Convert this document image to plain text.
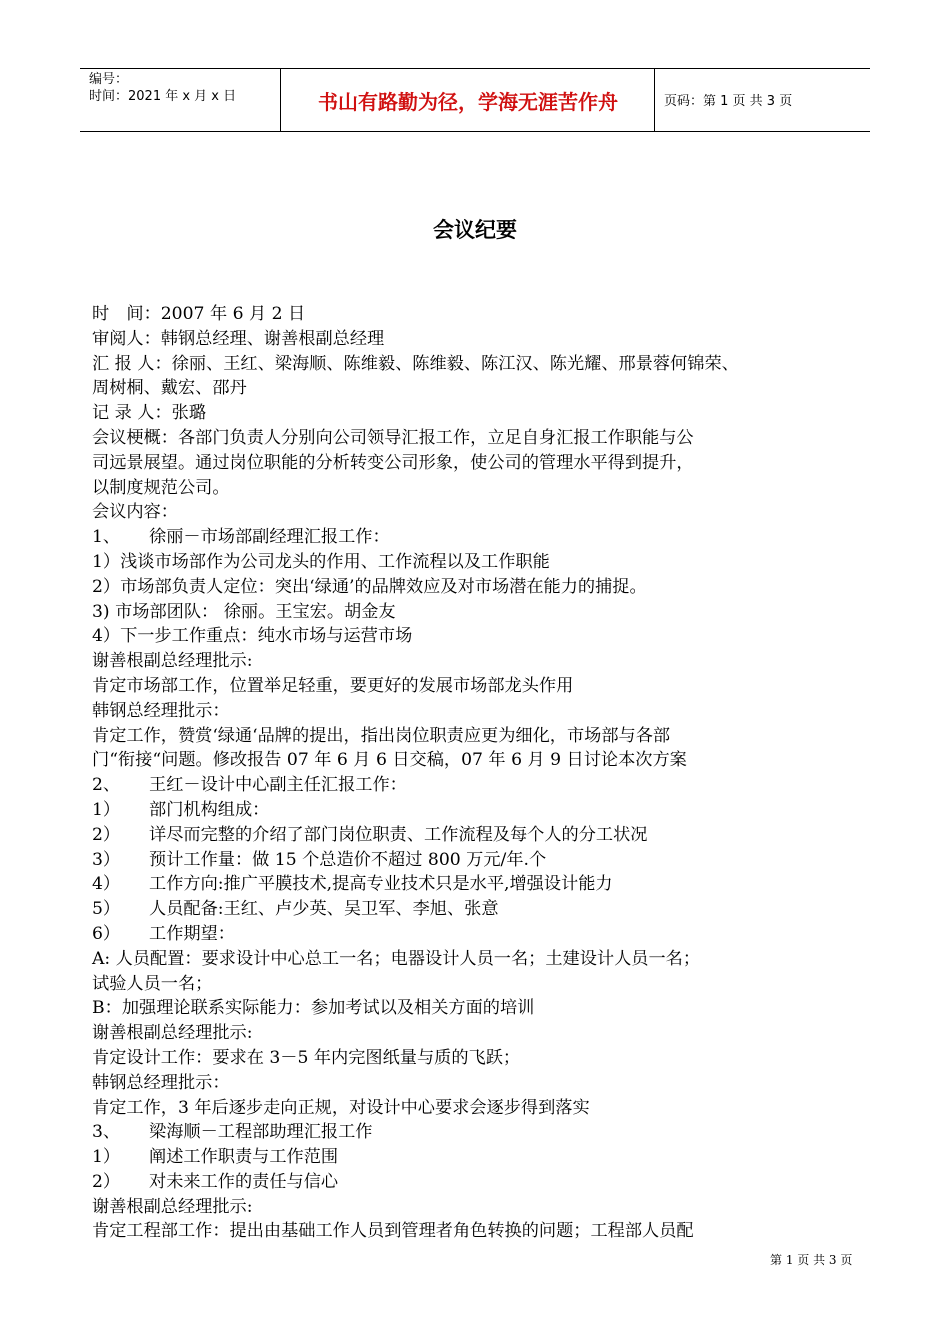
编号：
时间：2021 年 x 月 x 日	书山有路勤为径，学海无涯苦作舟	页码：第 1 页 共 3 页
会议纪要
时　间：2007 年 6 月 2 日
审阅人：韩钢总经理、谢善根副总经理
汇 报 人：徐丽、王红、梁海顺、陈维毅、陈维毅、陈江汉、陈光耀、邢景蓉何锦荣、
周树桐、戴宏、邵丹
记 录 人：张璐
会议梗概：各部门负责人分别向公司领导汇报工作，立足自身汇报工作职能与公
司远景展望。通过岗位职能的分析转变公司形象，使公司的管理水平得到提升，
以制度规范公司。
会议内容：
1、 徐丽－市场部副经理汇报工作：
1）浅谈市场部作为公司龙头的作用、工作流程以及工作职能
2）市场部负责人定位：突出‘绿通’的品牌效应及对市场潜在能力的捕捉。
3) 市场部团队： 徐丽。王宝宏。胡金友
4）下一步工作重点：纯水市场与运营市场
谢善根副总经理批示:
肯定市场部工作，位置举足轻重，要更好的发展市场部龙头作用
韩钢总经理批示：
肯定工作，赞赏‘绿通‘品牌的提出，指出岗位职责应更为细化，市场部与各部
门“衔接“问题。修改报告 07 年 6 月 6 日交稿，07 年 6 月 9 日讨论本次方案
2、 王红－设计中心副主任汇报工作：
1） 部门机构组成：
2） 详尽而完整的介绍了部门岗位职责、工作流程及每个人的分工状况
3） 预计工作量：做 15 个总造价不超过 800 万元/年.个
4） 工作方向:推广平膜技术,提高专业技术只是水平,增强设计能力
5） 人员配备:王红、卢少英、吴卫军、李旭、张意
6） 工作期望：
A: 人员配置：要求设计中心总工一名；电器设计人员一名；土建设计人员一名；
试验人员一名；
B：加强理论联系实际能力：参加考试以及相关方面的培训
谢善根副总经理批示:
肯定设计工作：要求在 3－5 年内完图纸量与质的飞跃；
韩钢总经理批示：
肯定工作，3 年后逐步走向正规，对设计中心要求会逐步得到落实
3、 梁海顺－工程部助理汇报工作
1） 阐述工作职责与工作范围
2） 对未来工作的责任与信心
谢善根副总经理批示:
肯定工程部工作：提出由基础工作人员到管理者角色转换的问题；工程部人员配
第 1 页 共 3 页
